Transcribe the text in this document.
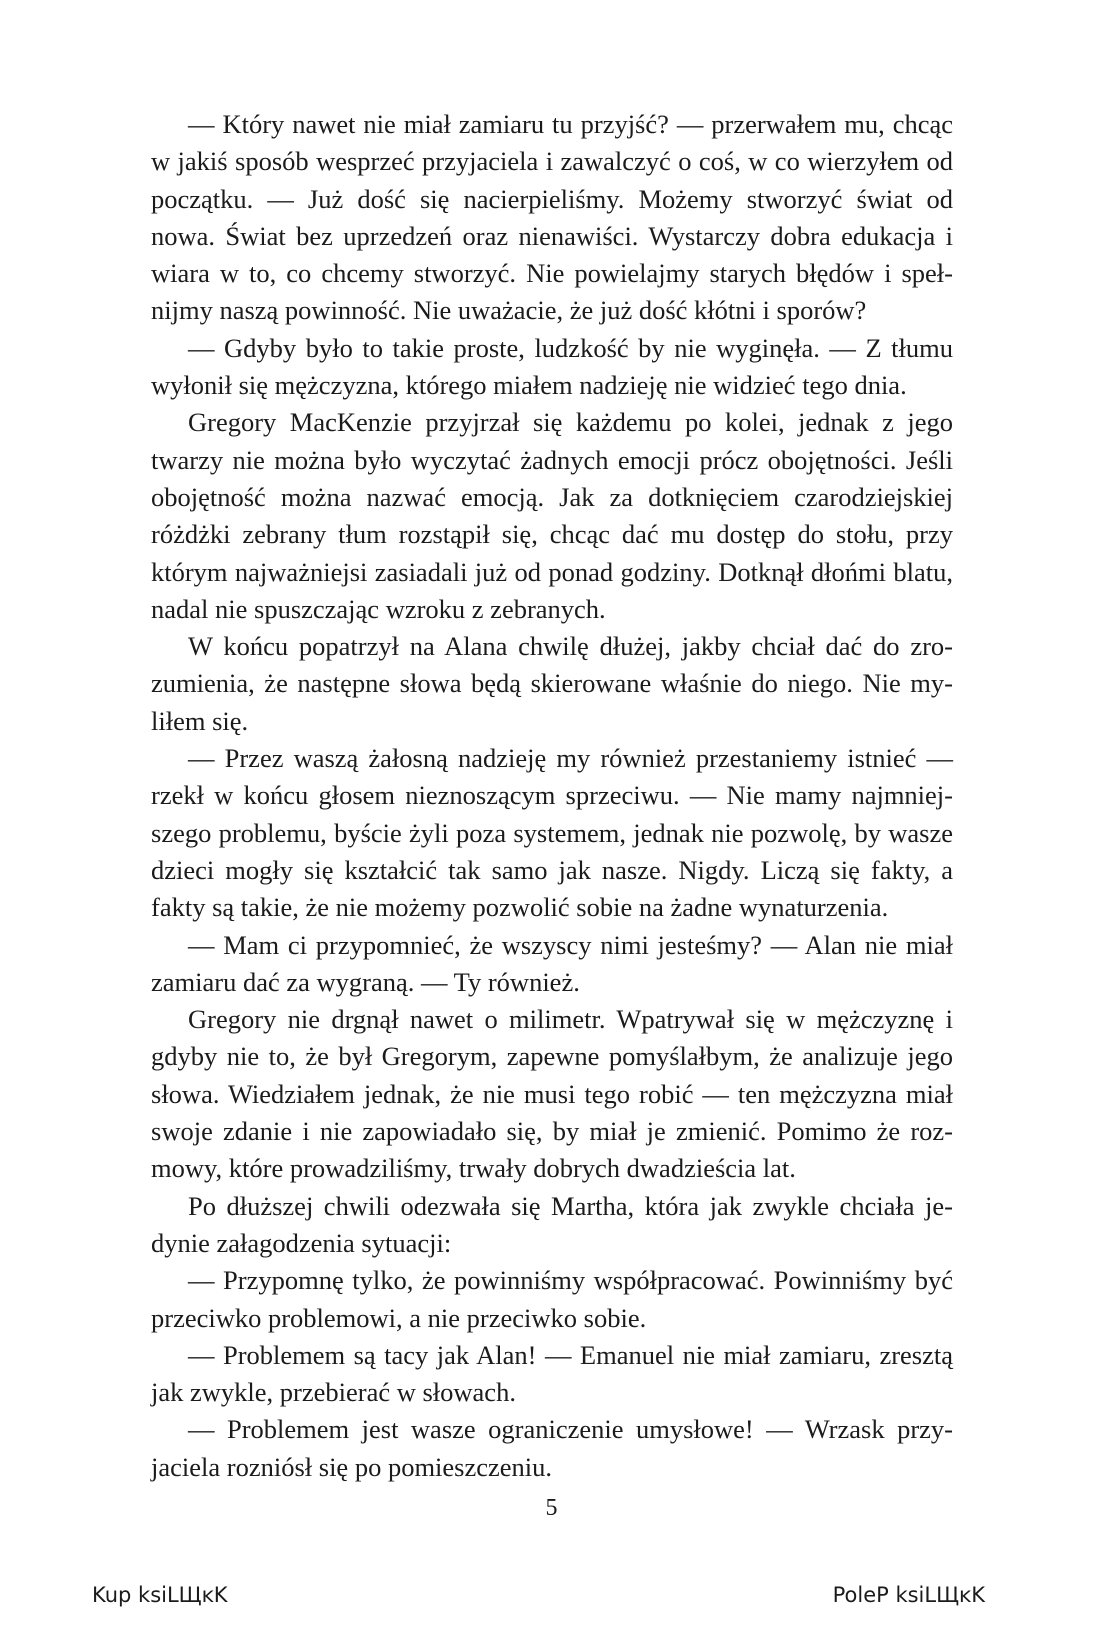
— Który nawet nie miał zamiaru tu przyjść? — przerwałem mu, chcąc w jakiś sposób wesprzeć przyjaciela i zawalczyć o coś, w co wierzyłem od początku. — Już dość się nacierpieliśmy. Możemy stworzyć świat od nowa. Świat bez uprzedzeń oraz nienawiści. Wystarczy dobra edukacja i wiara w to, co chcemy stworzyć. Nie powielajmy starych błędów i spełnijmy naszą powinność. Nie uważacie, że już dość kłótni i sporów?

— Gdyby było to takie proste, ludzkość by nie wyginęła. — Z tłumu wyłonił się mężczyzna, którego miałem nadzieję nie widzieć tego dnia.

Gregory MacKenzie przyjrzał się każdemu po kolei, jednak z jego twarzy nie można było wyczytać żadnych emocji prócz obojętności. Jeśli obojętność można nazwać emocją. Jak za dotknięciem czarodziejskiej różdżki zebrany tłum rozstąpił się, chcąc dać mu dostęp do stołu, przy którym najważniejsi zasiadali już od ponad godziny. Dotknął dłońmi blatu, nadal nie spuszczając wzroku z zebranych.

W końcu popatrzył na Alana chwilę dłużej, jakby chciał dać do zrozumienia, że następne słowa będą skierowane właśnie do niego. Nie myliłem się.

— Przez waszą żałosną nadzieję my również przestaniemy istnieć — rzekł w końcu głosem nieznoszącym sprzeciwu. — Nie mamy najmniejszego problemu, byście żyli poza systemem, jednak nie pozwolę, by wasze dzieci mogły się kształcić tak samo jak nasze. Nigdy. Liczą się fakty, a fakty są takie, że nie możemy pozwolić sobie na żadne wynaturzenia.

— Mam ci przypomnieć, że wszyscy nimi jesteśmy? — Alan nie miał zamiaru dać za wygraną. — Ty również.

Gregory nie drgnął nawet o milimetr. Wpatrywał się w mężczyznę i gdyby nie to, że był Gregorym, zapewne pomyślałbym, że analizuje jego słowa. Wiedziałem jednak, że nie musi tego robić — ten mężczyzna miał swoje zdanie i nie zapowiadało się, by miał je zmienić. Pomimo że rozmowy, które prowadziliśmy, trwały dobrych dwadzieścia lat.

Po dłuższej chwili odezwała się Martha, która jak zwykle chciała jedynie załagodzenia sytuacji:

— Przypomnę tylko, że powinniśmy współpracować. Powinniśmy być przeciwko problemowi, a nie przeciwko sobie.

— Problemem są tacy jak Alan! — Emanuel nie miał zamiaru, zresztą jak zwykle, przebierać w słowach.

— Problemem jest wasze ograniczenie umysłowe! — Wrzask przyjaciela rozniósł się po pomieszczeniu.

5
Kup ksiLЩĸK	PoleP ksiLЩĸK
